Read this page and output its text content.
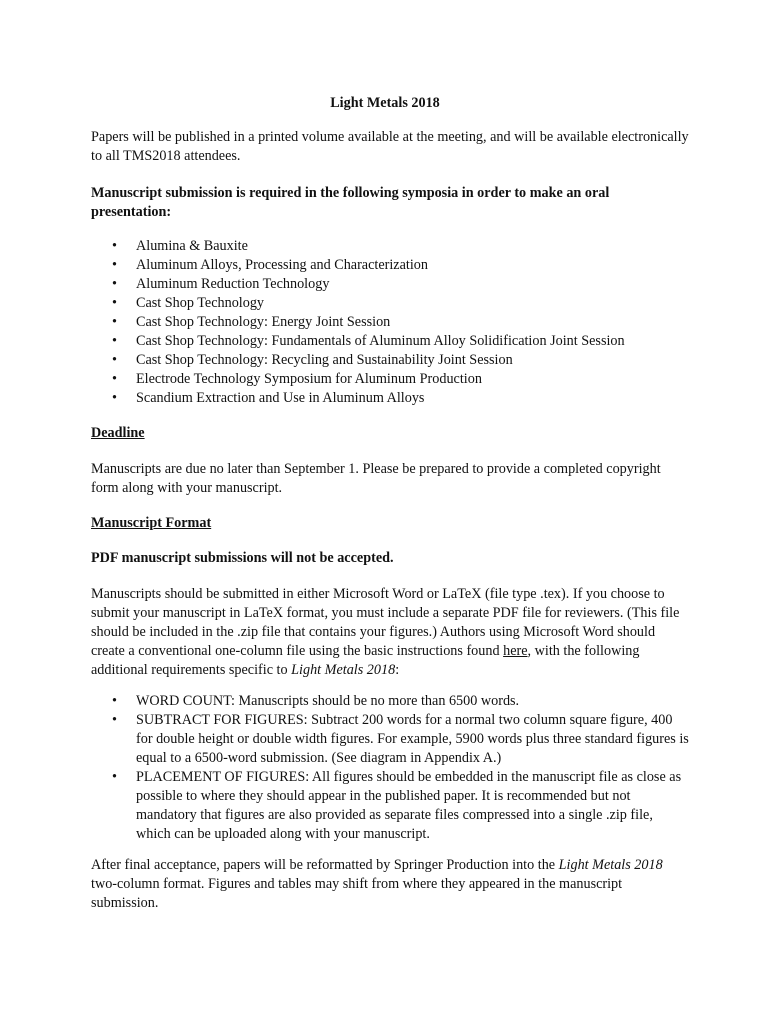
Light Metals 2018

Papers will be published in a printed volume available at the meeting, and will be available electronically to all TMS2018 attendees.

Manuscript submission is required in the following symposia in order to make an oral presentation:

• Alumina & Bauxite
• Aluminum Alloys, Processing and Characterization
• Aluminum Reduction Technology
• Cast Shop Technology
• Cast Shop Technology: Energy Joint Session
• Cast Shop Technology: Fundamentals of Aluminum Alloy Solidification Joint Session
• Cast Shop Technology: Recycling and Sustainability Joint Session
• Electrode Technology Symposium for Aluminum Production
• Scandium Extraction and Use in Aluminum Alloys

Deadline

Manuscripts are due no later than September 1. Please be prepared to provide a completed copyright form along with your manuscript.

Manuscript Format

PDF manuscript submissions will not be accepted.

Manuscripts should be submitted in either Microsoft Word or LaTeX (file type .tex). If you choose to submit your manuscript in LaTeX format, you must include a separate PDF file for reviewers. (This file should be included in the .zip file that contains your figures.) Authors using Microsoft Word should create a conventional one-column file using the basic instructions found here, with the following additional requirements specific to Light Metals 2018:

• WORD COUNT: Manuscripts should be no more than 6500 words.
• SUBTRACT FOR FIGURES: Subtract 200 words for a normal two column square figure, 400 for double height or double width figures. For example, 5900 words plus three standard figures is equal to a 6500-word submission. (See diagram in Appendix A.)
• PLACEMENT OF FIGURES: All figures should be embedded in the manuscript file as close as possible to where they should appear in the published paper. It is recommended but not mandatory that figures are also provided as separate files compressed into a single .zip file, which can be uploaded along with your manuscript.

After final acceptance, papers will be reformatted by Springer Production into the Light Metals 2018 two-column format. Figures and tables may shift from where they appeared in the manuscript submission.
